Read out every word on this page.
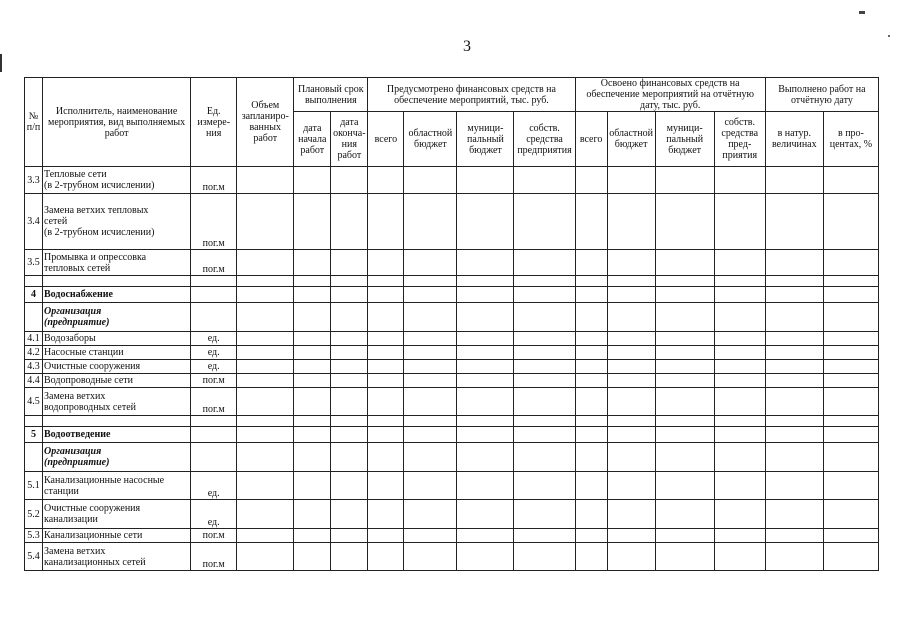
3
№ п/п	Исполнитель, наименование мероприятия, вид выполняемых работ	Ед. измере-ния	Объем запланиро-ванных работ	Плановый срок выполнения		Предусмотрено финансовых средств на обеспечение мероприятий, тыс. руб.				Освоено финансовых средств на обеспечение мероприятий на отчётную дату, тыс. руб.				Выполнено работ на отчётную дату	
				дата начала работ	дата оконча-ния работ	всего	областной бюджет	муници-пальный бюджет	собств. средства предприятия	всего	областной бюджет	муници-пальный бюджет	собств. средства пред-приятия	в натур. величинах	в про-центах, %
3.3	Тепловые сети
(в 2-трубном исчислении)	пог.м													
3.4	Замена ветхих тепловых
сетей
(в 2-трубном исчислении)	пог.м													
3.5	Промывка и опрессовка
тепловых сетей	пог.м													

4	Водоснабжение														

	Организация
(предприятие)														

4.1	Водозаборы	ед.													
4.2	Насосные станции	ед.													
4.3	Очистные сооружения	ед.													
4.4	Водопроводные сети	пог.м													
4.5	Замена ветхих
водопроводных сетей	пог.м													

5	Водоотведение														

	Организация
(предприятие)														

5.1	Канализационные насосные
станции	ед.													
5.2	Очистные сооружения
канализации	ед.													
5.3	Канализационные сети	пог.м													
5.4	Замена ветхих
канализационных сетей	пог.м													
